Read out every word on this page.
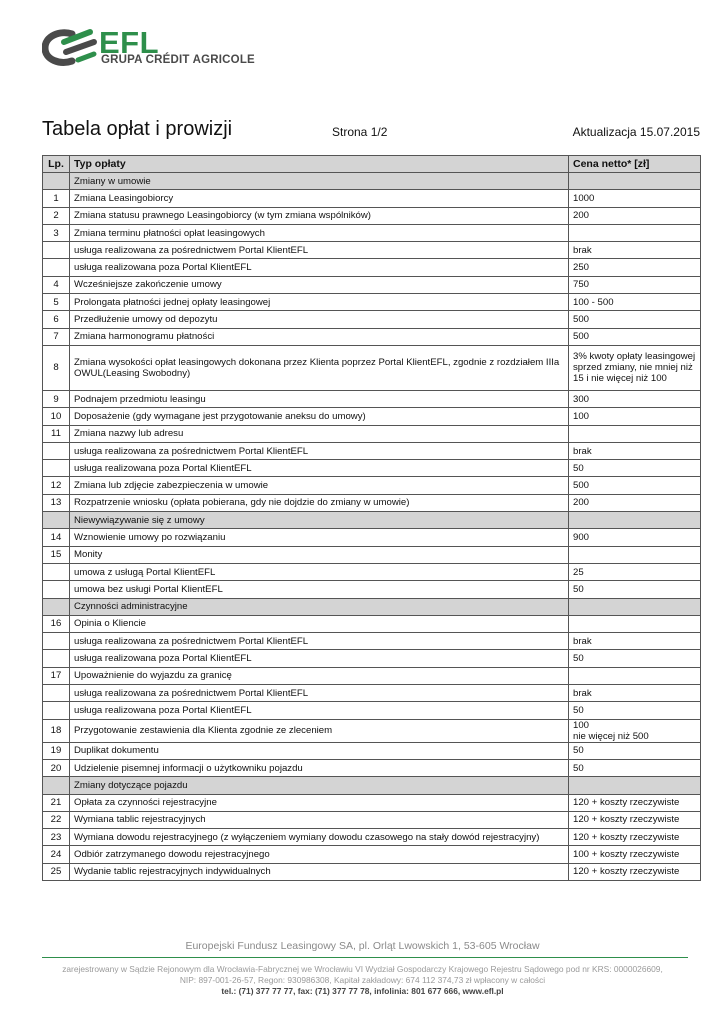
EFL
GRUPA CRÉDIT AGRICOLE
Tabela opłat i prowizji	Strona 1/2	Aktualizacja 15.07.2015
Lp.	Typ opłaty	Cena netto* [zł]
	Zmiany w umowie	
1	Zmiana Leasingobiorcy	1000
2	Zmiana statusu prawnego Leasingobiorcy (w tym zmiana wspólników)	200
3	Zmiana terminu płatności opłat leasingowych	
	usługa realizowana za pośrednictwem Portal KlientEFL	brak
	usługa realizowana poza Portal KlientEFL	250
4	Wcześniejsze zakończenie umowy	750
5	Prolongata płatności jednej opłaty leasingowej	100 - 500
6	Przedłużenie umowy od depozytu	500
7	Zmiana harmonogramu płatności	500
8	Zmiana wysokości opłat leasingowych dokonana przez Klienta poprzez Portal KlientEFL, zgodnie z rozdziałem IIIa OWUL(Leasing Swobodny)	3% kwoty opłaty leasingowej sprzed zmiany, nie mniej niż 15 i nie więcej niż 100
9	Podnajem przedmiotu leasingu	300
10	Doposażenie (gdy wymagane jest przygotowanie aneksu do umowy)	100
11	Zmiana nazwy lub adresu	
	usługa realizowana za pośrednictwem Portal KlientEFL	brak
	usługa realizowana poza Portal KlientEFL	50
12	Zmiana lub zdjęcie zabezpieczenia w umowie	500
13	Rozpatrzenie wniosku (opłata pobierana, gdy nie dojdzie do zmiany w umowie)	200
	Niewywiązywanie się z umowy	
14	Wznowienie umowy po rozwiązaniu	900
15	Monity	
	umowa z usługą Portal KlientEFL	25
	umowa bez usługi Portal KlientEFL	50
	Czynności administracyjne	
16	Opinia o Kliencie	
	usługa realizowana za pośrednictwem Portal KlientEFL	brak
	usługa realizowana poza Portal KlientEFL	50
17	Upoważnienie do wyjazdu za granicę	
	usługa realizowana za pośrednictwem Portal KlientEFL	brak
	usługa realizowana poza Portal KlientEFL	50
18	Przygotowanie zestawienia dla Klienta zgodnie ze zleceniem	100
nie więcej niż 500
19	Duplikat dokumentu	50
20	Udzielenie pisemnej informacji o użytkowniku pojazdu	50
	Zmiany dotyczące pojazdu	
21	Opłata za czynności rejestracyjne	120 + koszty rzeczywiste
22	Wymiana tablic rejestracyjnych	120 + koszty rzeczywiste
23	Wymiana dowodu rejestracyjnego (z wyłączeniem wymiany dowodu czasowego na stały dowód rejestracyjny)	120 + koszty rzeczywiste
24	Odbiór zatrzymanego dowodu rejestracyjnego	100 + koszty rzeczywiste
25	Wydanie tablic rejestracyjnych indywidualnych	120 + koszty rzeczywiste
Europejski Fundusz Leasingowy SA, pl. Orląt Lwowskich 1, 53-605 Wrocław
zarejestrowany w Sądzie Rejonowym dla Wrocławia-Fabrycznej we Wrocławiu VI Wydział Gospodarczy Krajowego Rejestru Sądowego pod nr KRS: 0000026609,
NIP: 897-001-26-57, Regon: 930986308, Kapitał zakładowy: 674 112 374,73 zł wpłacony w całości
tel.: (71) 377 77 77, fax: (71) 377 77 78, infolinia: 801 677 666, www.efl.pl
